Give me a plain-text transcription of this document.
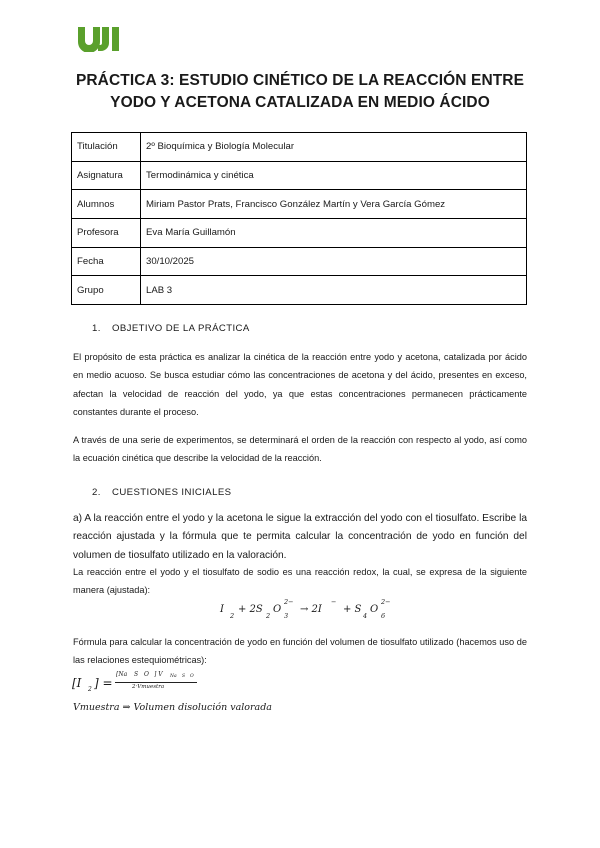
PRÁCTICA 3: ESTUDIO CINÉTICO DE LA REACCIÓN ENTRE
YODO Y ACETONA CATALIZADA EN MEDIO ÁCIDO
Titulación	2º Bioquímica y Biología Molecular
Asignatura	Termodinámica y cinética
Alumnos	Miriam Pastor Prats, Francisco González Martín y Vera García Gómez
Profesora	Eva María Guillamón
Fecha	30/10/2025
Grupo	LAB 3
1. OBJETIVO DE LA PRÁCTICA

El propósito de esta práctica es analizar la cinética de la reacción entre yodo y acetona, catalizada por ácido en medio acuoso. Se busca estudiar cómo las concentraciones de acetona y del ácido, presentes en exceso, afectan la velocidad de reacción del yodo, ya que estas concentraciones permanecen prácticamente constantes durante el proceso.

A través de una serie de experimentos, se determinará el orden de la reacción con respecto al yodo, así como la ecuación cinética que describe la velocidad de la reacción.

2. CUESTIONES INICIALES

a) A la reacción entre el yodo y la acetona le sigue la extracción del yodo con el tiosulfato. Escribe la reacción ajustada y la fórmula que te permita calcular la concentración de yodo en función del volumen de tiosulfato utilizado en la valoración.

La reacción entre el yodo y el tiosulfato de sodio es una reacción redox, la cual, se expresa de la siguiente manera (ajustada):

I
2
+ 2S
2
O
3
2−
→ 2I
−
+ S
4
O
6
2−

Fórmula para calcular la concentración de yodo en función del volumen de tiosulfato utilizado (hacemos uso de las relaciones estequiométricas):

[I 2 ] =
[Na S O ] V Na S O
2·Vmuestra
Vmuestra ⇒ Volumen disolución valorada
